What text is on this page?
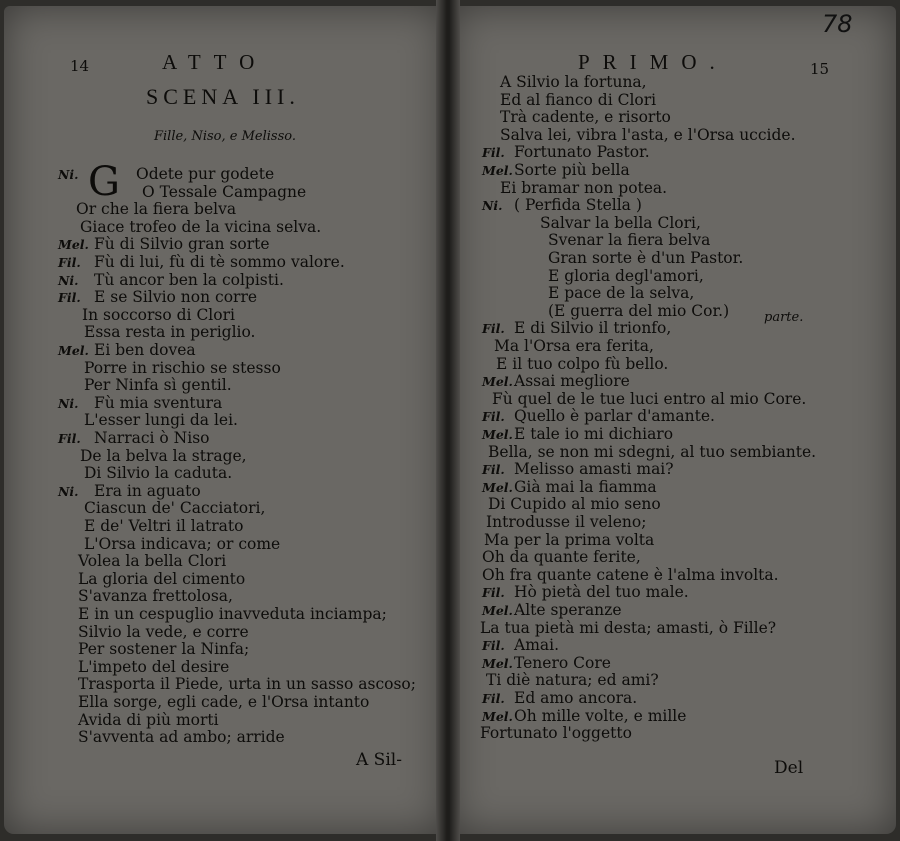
14	ATTO
SCENA III.
Fille, Niso, e Melisso.
G
A Sil-
Ni.	Odete pur godete
O Tessale Campagne
Or che la fiera belva
Giace trofeo de la vicina selva.
Mel. Fù di Silvio gran sorte
Fil. Fù di lui, fù di tè sommo valore.
Ni. Tù ancor ben la colpisti.
Fil. E se Silvio non corre
In soccorso di Clori
Essa resta in periglio.
Mel. Ei ben dovea
Porre in rischio se stesso
Per Ninfa sì gentil.
Ni. Fù mia sventura
L'esser lungi da lei.
Fil. Narraci ò Niso
De la belva la strage,
Di Silvio la caduta.
Ni. Era in aguato
Ciascun de' Cacciatori,
E de' Veltri il latrato
L'Orsa indicava; or come
Volea la bella Clori
La gloria del cimento
S'avanza frettolosa,
E in un cespuglio inavveduta inciampa;
Silvio la vede, e corre
Per sostener la Ninfa;
L'impeto del desire
Trasporta il Piede, urta in un sasso ascoso;
Ella sorge, egli cade, e l'Orsa intanto
Avida di più morti
S'avventa ad ambo; arride
PRIMO.	15
78
parte.
Del
A Silvio la fortuna,
Ed al fianco di Clori
Trà cadente, e risorto
Salva lei, vibra l'asta, e l'Orsa uccide.
Fil. Fortunato Pastor.
Mel. Sorte più bella
Ei bramar non potea.
Ni. ( Perfida Stella )
Salvar la bella Clori,
Svenar la fiera belva
Gran sorte è d'un Pastor.
E gloria degl'amori,
E pace de la selva,
(E guerra del mio Cor.)
Fil. E di Silvio il trionfo,
Ma l'Orsa era ferita,
E il tuo colpo fù bello.
Mel. Assai megliore
Fù quel de le tue luci entro al mio Core.
Fil. Quello è parlar d'amante.
Mel. E tale io mi dichiaro
Bella, se non mi sdegni, al tuo sembiante.
Fil. Melisso amasti mai?
Mel. Già mai la fiamma
Di Cupido al mio seno
Introdusse il veleno;
Ma per la prima volta
Oh da quante ferite,
Oh fra quante catene è l'alma involta.
Fil. Hò pietà del tuo male.
Mel. Alte speranze
La tua pietà mi desta; amasti, ò Fille?
Fil. Amai.
Mel. Tenero Core
Ti diè natura; ed ami?
Fil. Ed amo ancora.
Mel. Oh mille volte, e mille
Fortunato l'oggetto
